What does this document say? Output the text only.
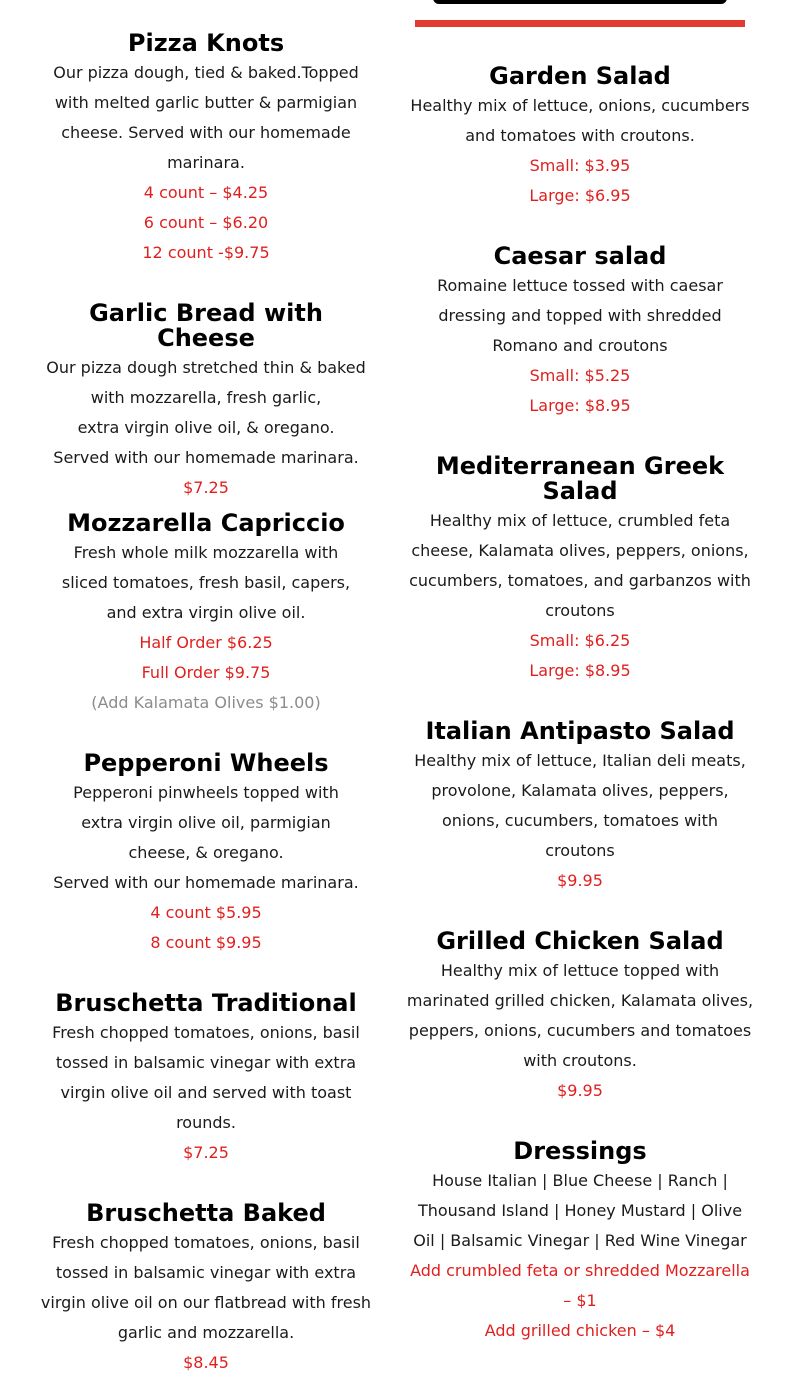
Pizza Knots

Our pizza dough, tied & baked.Topped
with melted garlic butter & parmigian
cheese. Served with our homemade
marinara.

4 count – $4.25
6 count – $6.20
12 count -$9.75

Garlic Bread with Cheese

Our pizza dough stretched thin & baked
with mozzarella, fresh garlic,
extra virgin olive oil, & oregano.
Served with our homemade marinara.

$7.25

Mozzarella Capriccio

Fresh whole milk mozzarella with
sliced tomatoes, fresh basil, capers,
and extra virgin olive oil.

Half Order $6.25
Full Order $9.75

(Add Kalamata Olives $1.00)

Pepperoni Wheels

Pepperoni pinwheels topped with
extra virgin olive oil, parmigian
cheese, & oregano.
Served with our homemade marinara.

4 count $5.95
8 count $9.95

Bruschetta Traditional

Fresh chopped tomatoes, onions, basil
tossed in balsamic vinegar with extra
virgin olive oil and served with toast
rounds.

$7.25

Bruschetta Baked

Fresh chopped tomatoes, onions, basil
tossed in balsamic vinegar with extra
virgin olive oil on our flatbread with fresh
garlic and mozzarella.

$8.45

Garden Salad

Healthy mix of lettuce, onions, cucumbers
and tomatoes with croutons.

Small: $3.95
Large: $6.95

Caesar salad

Romaine lettuce tossed with caesar
dressing and topped with shredded
Romano and croutons

Small: $5.25
Large: $8.95

Mediterranean Greek
Salad

Healthy mix of lettuce, crumbled feta
cheese, Kalamata olives, peppers, onions,
cucumbers, tomatoes, and garbanzos with
croutons

Small: $6.25
Large: $8.95

Italian Antipasto Salad

Healthy mix of lettuce, Italian deli meats,
provolone, Kalamata olives, peppers,
onions, cucumbers, tomatoes with
croutons

$9.95

Grilled Chicken Salad

Healthy mix of lettuce topped with
marinated grilled chicken, Kalamata olives,
peppers, onions, cucumbers and tomatoes
with croutons.

$9.95

Dressings

House Italian | Blue Cheese | Ranch |
Thousand Island | Honey Mustard | Olive
Oil | Balsamic Vinegar | Red Wine Vinegar

Add crumbled feta or shredded Mozzarella
– $1
Add grilled chicken – $4
